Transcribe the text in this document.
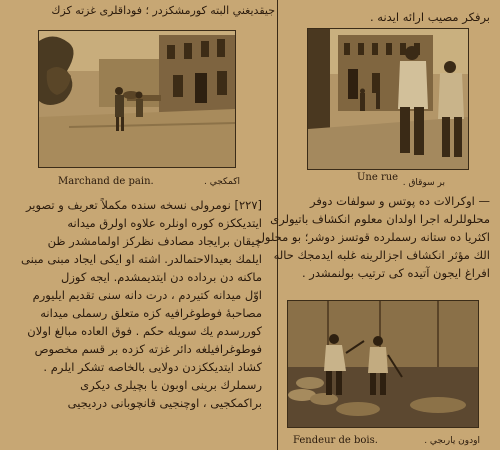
جيقديغني البته كورمشكزدر ؛ فوداقلرى غزته كزك	برفكر مصيب ارائه ايدنه .
Marchand de pain.	اكمكجي .	Une rue بر سوقاق .
[٢٢٧] نومرولى نسخه سنده مكملاً تعريف و تصوير
ايتديككزه كوره اونلره علاوه اولرق ميدانه
چيقان برايجاد مصادف نظركز اولمامشدر ظن
ايلمك بعيدالاحتمالدر. اشته او ايكى ايجاد مبنى مبنى
ماكنه دن برداده دن ايتديمشدم. ايجه كوزل
اوّل ميدانه كتيردم ، درت دانه سنى تقديم ايليورم
مصاحبهٔ فوطوغرافيه كزه متعلق رسملى ميدانه
كوررسدم يك سويله حكم . فوق العاده مبالغ اولان
فوطوغرافيلغه دائر غزته كزده بر قسم مخصوص
كشاد ايتديككزدن دولايى بالخاصه تشكر ايلرم .
رسملرك برينى اوبون يا بچيلرى ديكرى
براكمكجيى ، اوچنجيى قانچوبانى درديجيى
— اوكرالات ده پوتس و سولفات دوفر
محلوللرله اجرا اولدان معلوم انكشاف باتيولرى
اكثريا ده ستانه رسملرده قوتسز دوشر؛ بو محلول
الك مؤثر انكشاف اجزالرينه غلبه ايدمجك حاله
افراغ ايجون آتيده كى ترتيب بولنمشدر .
Fendeur de bois.	اودون يارىجي .
